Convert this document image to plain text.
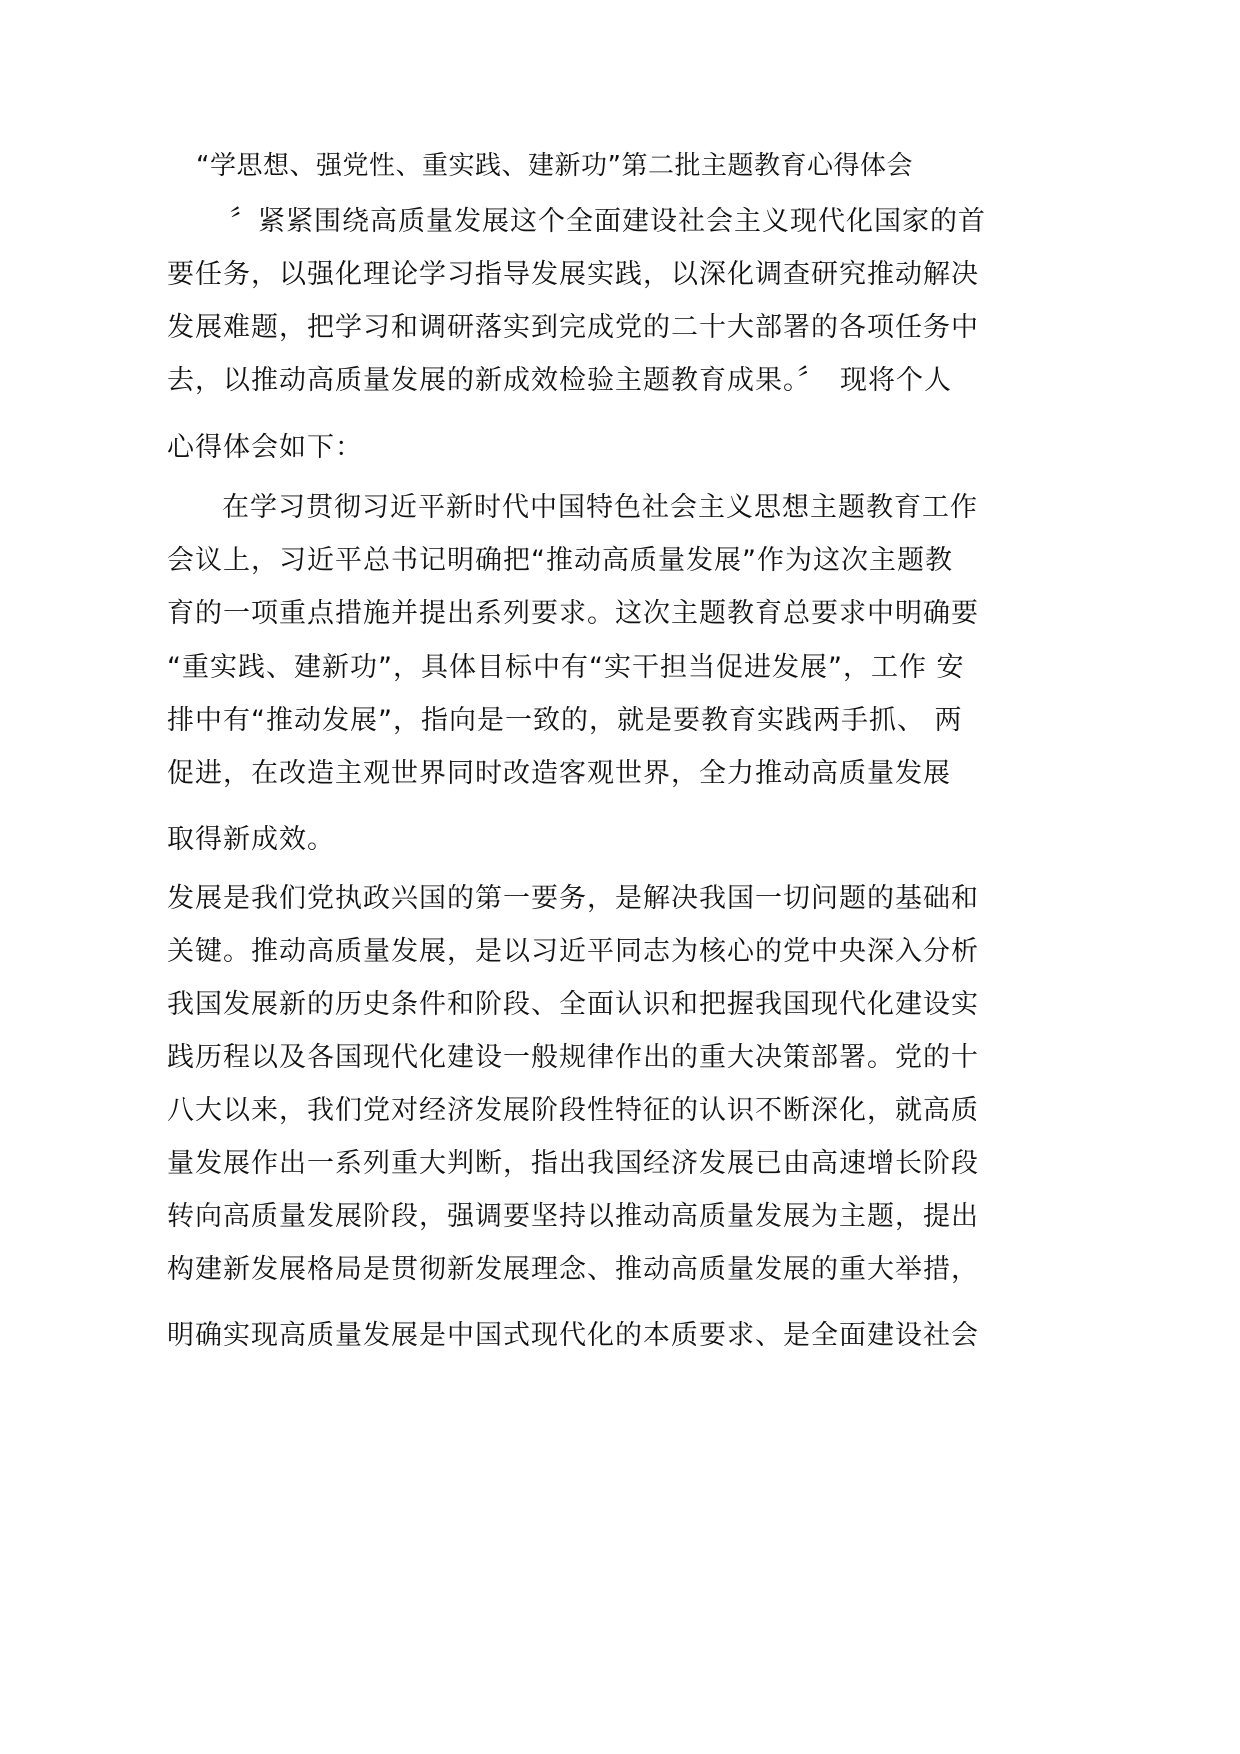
“学思想、强党性、重实践、建新功”第二批主题教育心得体会
〞紧紧围绕高质量发展这个全面建设社会主义现代化国家的首
要任务，以强化理论学习指导发展实践，以深化调查研究推动解决
发展难题，把学习和调研落实到完成党的二十大部署的各项任务中
去，以推动高质量发展的新成效检验主题教育成果。〞　现将个人
心得体会如下：
在学习贯彻习近平新时代中国特色社会主义思想主题教育工作
会议上，习近平总书记明确把“推动高质量发展”作为这次主题教
育的一项重点措施并提出系列要求。这次主题教育总要求中明确要
“重实践、建新功”，具体目标中有“实干担当促进发展”，工作 安
排中有“推动发展”，指向是一致的，就是要教育实践两手抓、 两
促进，在改造主观世界同时改造客观世界，全力推动高质量发展
取得新成效。
发展是我们党执政兴国的第一要务，是解决我国一切问题的基础和
关键。推动高质量发展，是以习近平同志为核心的党中央深入分析
我国发展新的历史条件和阶段、全面认识和把握我国现代化建设实
践历程以及各国现代化建设一般规律作出的重大决策部署。党的十
八大以来，我们党对经济发展阶段性特征的认识不断深化，就高质
量发展作出一系列重大判断，指出我国经济发展已由高速增长阶段
转向高质量发展阶段，强调要坚持以推动高质量发展为主题，提出
构建新发展格局是贯彻新发展理念、推动高质量发展的重大举措，
明确实现高质量发展是中国式现代化的本质要求、是全面建设社会
